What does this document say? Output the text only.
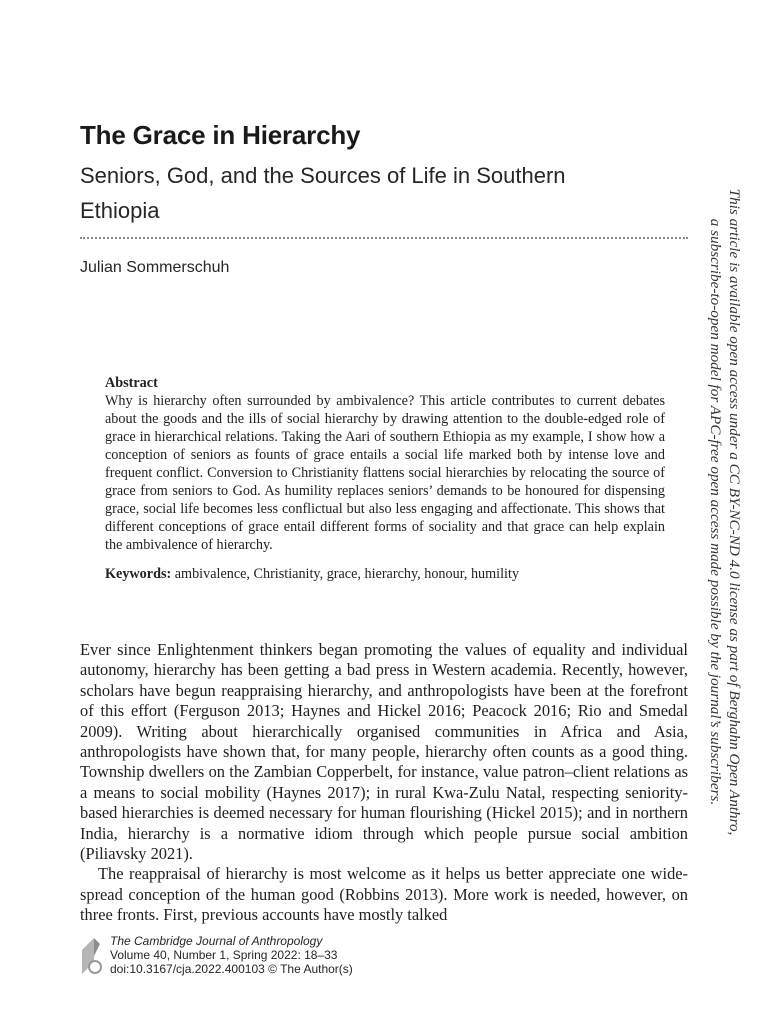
The Grace in Hierarchy
Seniors, God, and the Sources of Life in Southern Ethiopia
Julian Sommerschuh
Abstract

Why is hierarchy often surrounded by ambivalence? This article contributes to current debates about the goods and the ills of social hierarchy by drawing attention to the double-edged role of grace in hierarchical relations. Taking the Aari of southern Ethiopia as my example, I show how a conception of seniors as founts of grace entails a social life marked both by intense love and frequent conflict. Conversion to Christianity flattens social hierarchies by relocating the source of grace from seniors to God. As humility replaces seniors’ demands to be honoured for dispensing grace, social life becomes less conflictual but also less engaging and affectionate. This shows that different conceptions of grace entail different forms of sociality and that grace can help explain the ambivalence of hierarchy.

Keywords: ambivalence, Christianity, grace, hierarchy, honour, humility

Ever since Enlightenment thinkers began promoting the values of equality and individual autonomy, hierarchy has been getting a bad press in Western academia. Recently, however, scholars have begun reappraising hierarchy, and anthropologists have been at the forefront of this effort (Ferguson 2013; Haynes and Hickel 2016; Peacock 2016; Rio and Smedal 2009). Writing about hierarchically organised communities in Africa and Asia, anthropologists have shown that, for many people, hierarchy often counts as a good thing. Township dwellers on the Zambian Copperbelt, for instance, value patron–client relations as a means to social mobility (Haynes 2017); in rural Kwa-Zulu Natal, respecting seniority-based hierarchies is deemed necessary for human flourishing (Hickel 2015); and in northern India, hierarchy is a normative idiom through which people pursue social ambition (Piliavsky 2021).

The reappraisal of hierarchy is most welcome as it helps us better appreciate one wide-spread conception of the human good (Robbins 2013). More work is needed, however, on three fronts. First, previous accounts have mostly talked

This article is available open access under a CC BY-NC-ND 4.0 license as part of Berghahn Open Anthro,
a subscribe-to-open model for APC-free open access made possible by the journal’s subscribers.
The Cambridge Journal of Anthropology
Volume 40, Number 1, Spring 2022: 18–33
doi:10.3167/cja.2022.400103 © The Author(s)
